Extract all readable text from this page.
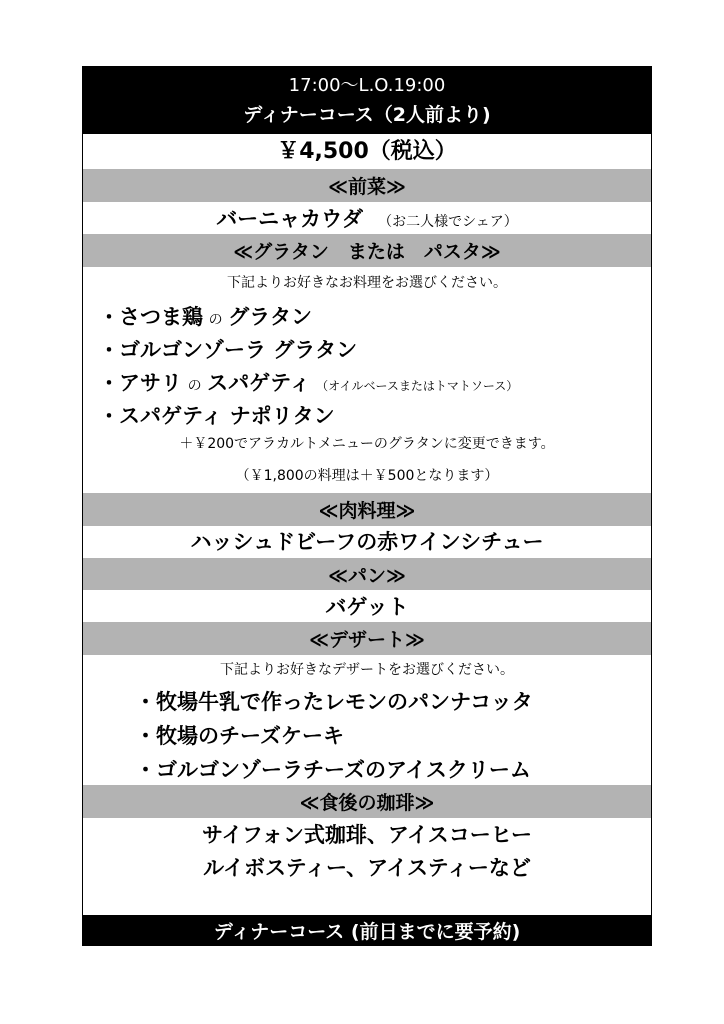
17:00～L.O.19:00
ディナーコース（2人前より)
￥4,500（税込）
≪前菜≫
バーニャカウダ （お二人様でシェア）
≪グラタン　または　パスタ≫
下記よりお好きなお料理をお選びください。
・さつま鶏 の グラタン
・ゴルゴンゾーラ グラタン
・アサリ の スパゲティ （オイルベースまたはトマトソース）
・スパゲティ ナポリタン
＋￥200でアラカルトメニューのグラタンに変更できます。
（￥1,800の料理は＋￥500となります）
≪肉料理≫
ハッシュドビーフの赤ワインシチュー
≪パン≫
バゲット
≪デザート≫
下記よりお好きなデザートをお選びください。
・牧場牛乳で作ったレモンのパンナコッタ
・牧場のチーズケーキ
・ゴルゴンゾーラチーズのアイスクリーム
≪食後の珈琲≫
サイフォン式珈琲、アイスコーヒー
ルイボスティー、アイスティーなど
ディナーコース (前日までに要予約)
